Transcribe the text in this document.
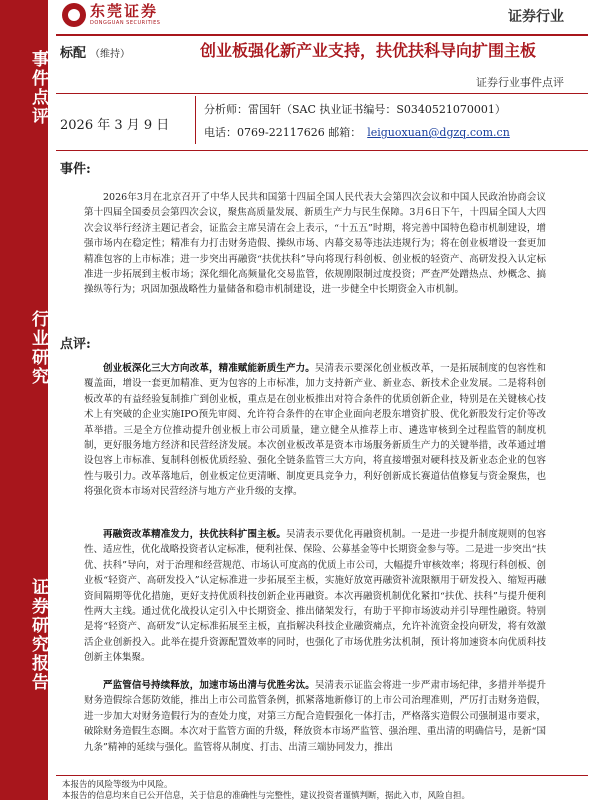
事件点评
行业研究
证券研究报告
东莞证券
DONGGUAN SECURITIES	证券行业
标配 （维持）	创业板强化新产业支持，扶优扶科导向扩围主板
证券行业事件点评
2026 年 3 月 9 日
分析师：雷国轩（SAC 执业证书编号：S0340521070001）
电话：0769-22117626 邮箱： leiguoxuan@dgzq.com.cn
事件:

2026年3月在北京召开了中华人民共和国第十四届全国人民代表大会第四次会议和中国人民政治协商会议第十四届全国委员会第四次会议，聚焦高质量发展、新质生产力与民生保障。3月6日下午，十四届全国人大四次会议举行经济主题记者会，证监会主席吴清在会上表示，“十五五”时期，将完善中国特色稳市机制建设，增强市场内在稳定性；精准有力打击财务造假、操纵市场、内幕交易等违法违规行为；将在创业板增设一套更加精准包容的上市标准；进一步突出再融资“扶优扶科”导向将现行科创板、创业板的轻资产、高研发投入认定标准进一步拓展到主板市场；深化细化高频量化交易监管，依规刚限制过度投资；严查严处蹭热点、炒概念、搞操纵等行为；巩固加强战略性力量储备和稳市机制建设，进一步健全中长期资金入市机制。

点评:

创业板深化三大方向改革，精准赋能新质生产力。吴清表示要深化创业板改革，一是拓展制度的包容性和覆盖面，增设一套更加精准、更为包容的上市标准，加力支持新产业、新业态、新技术企业发展。二是将科创板改革的有益经验复制推广到创业板，重点是在创业板推出对符合条件的优质创新企业，特别是在关键核心技术上有突破的企业实施IPO预先审阅、允许符合条件的在审企业面向老股东增资扩股、优化新股发行定价等改革举措。三是全方位推动提升创业板上市公司质量，建立健全从推荐上市、遴选审核到全过程监管的制度机制，更好服务地方经济和民营经济发展。本次创业板改革是资本市场服务新质生产力的关键举措，改革通过增设包容上市标准、复制科创板优质经验、强化全链条监管三大方向，将直接增强对硬科技及新业态企业的包容性与吸引力。改革落地后，创业板定位更清晰、制度更具竞争力，利好创新成长赛道估值修复与资金聚焦，也将强化资本市场对民营经济与地方产业升级的支撑。

再融资改革精准发力，扶优扶科扩围主板。吴清表示要优化再融资机制。一是进一步提升制度规则的包容性、适应性，优化战略投资者认定标准，便利社保、保险、公募基金等中长期资金参与等。二是进一步突出“扶优、扶科”导向，对于治理和经营规范、市场认可度高的优质上市公司，大幅提升审核效率；将现行科创板、创业板“轻资产、高研发投入”认定标准进一步拓展至主板，实施好放宽再融资补流限额用于研发投入、缩短再融资间隔期等优化措施，更好支持优质科技创新企业再融资。本次再融资机制优化紧扣“扶优、扶科”与提升便利性两大主线。通过优化战投认定引入中长期资金、推出储架发行，有助于平抑市场波动并引导理性融资。特别是将“轻资产、高研发”认定标准拓展至主板，直指解决科技企业融资痛点，允许补流资金投向研发，将有效激活企业创新投入。此举在提升资源配置效率的同时，也强化了市场优胜劣汰机制，预计将加速资本向优质科技创新主体集聚。

严监管信号持续释放，加速市场出清与优胜劣汰。吴清表示证监会将进一步严肃市场纪律，多措并举提升财务造假综合惩防效能，推出上市公司监管条例，抓紧落地新修订的上市公司治理准则，严厉打击财务造假，进一步加大对财务造假行为的查处力度，对第三方配合造假强化一体打击，严格落实造假公司强制退市要求，破除财务造假生态圈。本次对于监管方面的升级，释放资本市场严监管、强治理、重出清的明确信号，是新“国九条”精神的延续与强化。监管将从制度、打击、出清三端协同发力，推出

本报告的风险等级为中风险。
本报告的信息均来自已公开信息，关于信息的准确性与完整性，建议投资者谨慎判断，据此入市，风险自担。
